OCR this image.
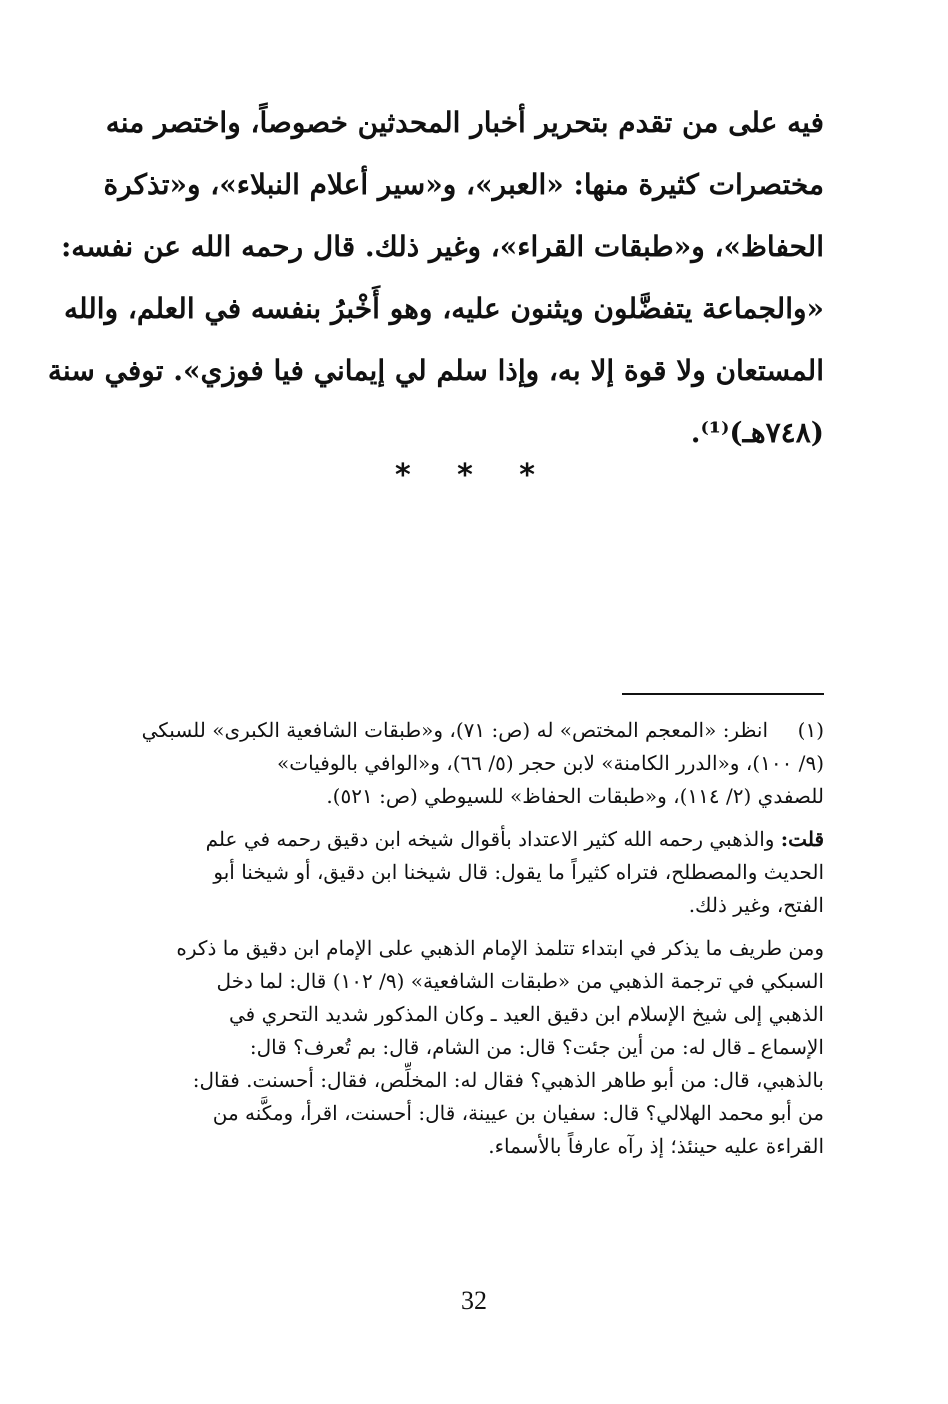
فيه على من تقدم بتحرير أخبار المحدثين خصوصاً، واختصر منه
مختصرات كثيرة منها: «العبر»، و«سير أعلام النبلاء»، و«تذكرة
الحفاظ»، و«طبقات القراء»، وغير ذلك. قال رحمه الله عن نفسه:
«والجماعة يتفضَّلون ويثنون عليه، وهو أَخْبرُ بنفسه في العلم، والله
المستعان ولا قوة إلا به، وإذا سلم لي إيماني فيا فوزي». توفي سنة
(٧٤٨هـ)⁽¹⁾.
* * *
(١)انظر: «المعجم المختص» له (ص: ٧١)، و«طبقات الشافعية الكبرى» للسبكي
(٩/ ١٠٠)، و«الدرر الكامنة» لابن حجر (٥/ ٦٦)، و«الوافي بالوفيات»
للصفدي (٢/ ١١٤)، و«طبقات الحفاظ» للسيوطي (ص: ٥٢١).
قلت: والذهبي رحمه الله كثير الاعتداد بأقوال شيخه ابن دقيق رحمه في علم
الحديث والمصطلح، فتراه كثيراً ما يقول: قال شيخنا ابن دقيق، أو شيخنا أبو
الفتح، وغير ذلك.
ومن طريف ما يذكر في ابتداء تتلمذ الإمام الذهبي على الإمام ابن دقيق ما ذكره
السبكي في ترجمة الذهبي من «طبقات الشافعية» (٩/ ١٠٢) قال: لما دخل
الذهبي إلى شيخ الإسلام ابن دقيق العيد ـ وكان المذكور شديد التحري في
الإسماع ـ قال له: من أين جئت؟ قال: من الشام، قال: بم تُعرف؟ قال:
بالذهبي، قال: من أبو طاهر الذهبي؟ فقال له: المخلِّص، فقال: أحسنت. فقال:
من أبو محمد الهلالي؟ قال: سفيان بن عيينة، قال: أحسنت، اقرأ، ومكَّنه من
القراءة عليه حينئذ؛ إذ رآه عارفاً بالأسماء.
32
